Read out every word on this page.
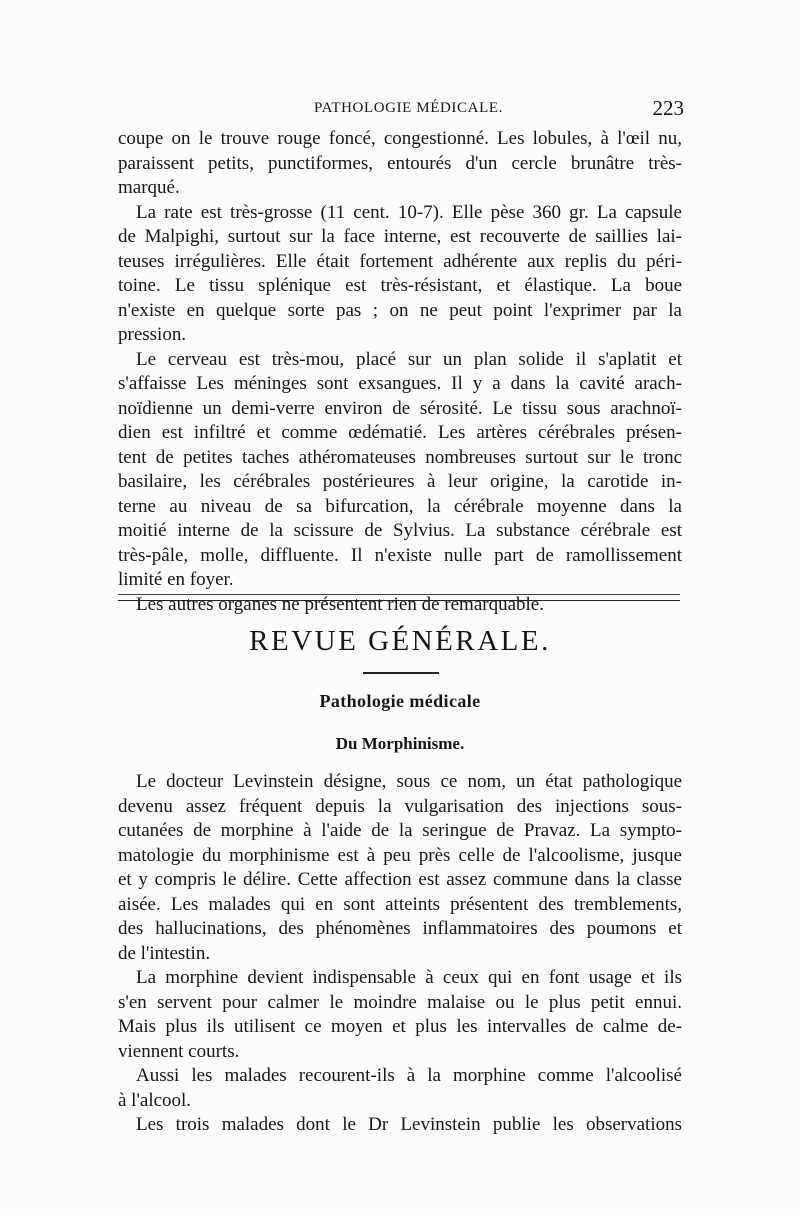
PATHOLOGIE MÉDICALE.	223
coupe on le trouve rouge foncé, congestionné. Les lobules, à l'œil nu,
paraissent petits, punctiformes, entourés d'un cercle brunâtre très-
marqué.
La rate est très-grosse (11 cent. 10-7). Elle pèse 360 gr. La capsule
de Malpighi, surtout sur la face interne, est recouverte de saillies lai-
teuses irrégulières. Elle était fortement adhérente aux replis du péri-
toine. Le tissu splénique est très-résistant, et élastique. La boue
n'existe en quelque sorte pas ; on ne peut point l'exprimer par la
pression.
Le cerveau est très-mou, placé sur un plan solide il s'aplatit et
s'affaisse Les méninges sont exsangues. Il y a dans la cavité arach-
noïdienne un demi-verre environ de sérosité. Le tissu sous arachnoï-
dien est infiltré et comme œdématié. Les artères cérébrales présen-
tent de petites taches athéromateuses nombreuses surtout sur le tronc
basilaire, les cérébrales postérieures à leur origine, la carotide in-
terne au niveau de sa bifurcation, la cérébrale moyenne dans la
moitié interne de la scissure de Sylvius. La substance cérébrale est
très-pâle, molle, diffluente. Il n'existe nulle part de ramollissement
limité en foyer.
Les autres organes ne présentent rien de remarquable.
REVUE GÉNÉRALE.
Pathologie médicale
Du Morphinisme.
Le docteur Levinstein désigne, sous ce nom, un état pathologique
devenu assez fréquent depuis la vulgarisation des injections sous-
cutanées de morphine à l'aide de la seringue de Pravaz. La sympto-
matologie du morphinisme est à peu près celle de l'alcoolisme, jusque
et y compris le délire. Cette affection est assez commune dans la classe
aisée. Les malades qui en sont atteints présentent des tremblements,
des hallucinations, des phénomènes inflammatoires des poumons et
de l'intestin.
La morphine devient indispensable à ceux qui en font usage et ils
s'en servent pour calmer le moindre malaise ou le plus petit ennui.
Mais plus ils utilisent ce moyen et plus les intervalles de calme de-
viennent courts.
Aussi les malades recourent-ils à la morphine comme l'alcoolisé
à l'alcool.
Les trois malades dont le Dr Levinstein publie les observations
